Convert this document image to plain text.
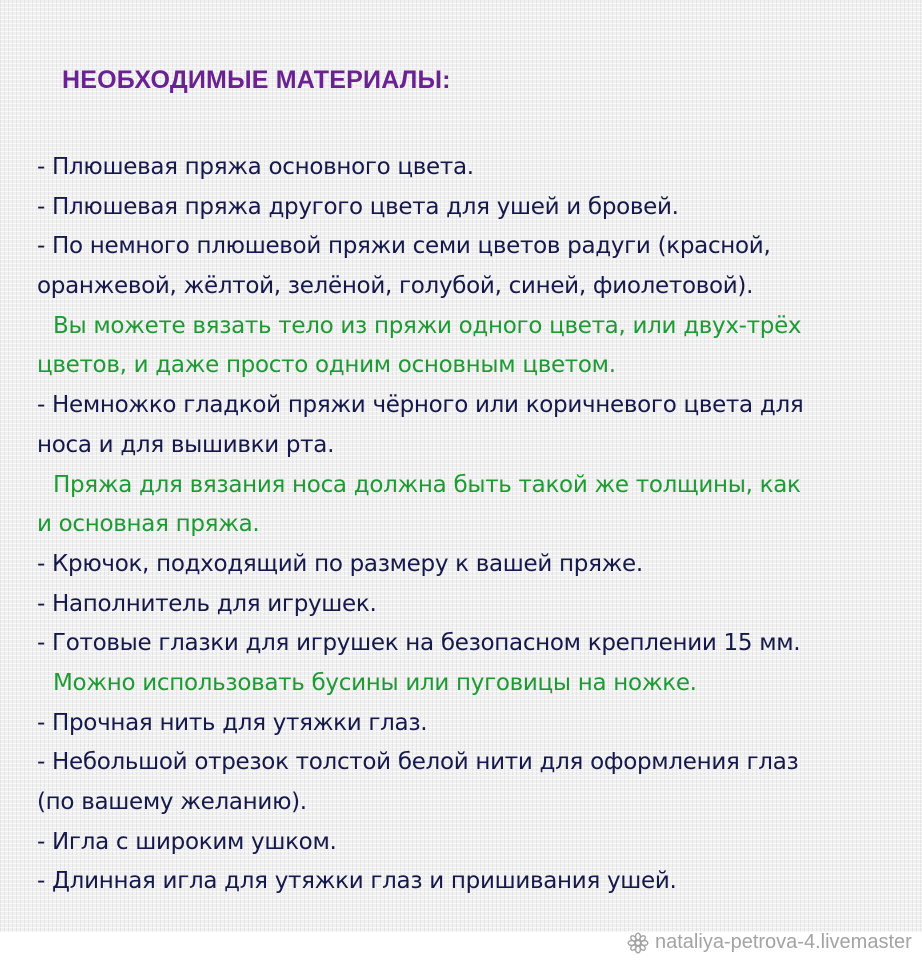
НЕОБХОДИМЫЕ МАТЕРИАЛЫ:
- Плюшевая пряжа основного цвета.
- Плюшевая пряжа другого цвета для ушей и бровей.
- По немного плюшевой пряжи семи цветов радуги (красной,
оранжевой, жёлтой, зелёной, голубой, синей, фиолетовой).
Вы можете вязать тело из пряжи одного цвета, или двух-трёх
цветов, и даже просто одним основным цветом.
- Немножко гладкой пряжи чёрного или коричневого цвета для
носа и для вышивки рта.
Пряжа для вязания носа должна быть такой же толщины, как
и основная пряжа.
- Крючок, подходящий по размеру к вашей пряже.
- Наполнитель для игрушек.
- Готовые глазки для игрушек на безопасном креплении 15 мм.
Можно использовать бусины или пуговицы на ножке.
- Прочная нить для утяжки глаз.
- Небольшой отрезок толстой белой нити для оформления глаз
(по вашему желанию).
- Игла с широким ушком.
- Длинная игла для утяжки глаз и пришивания ушей.
nataliya-petrova-4.livemaster
